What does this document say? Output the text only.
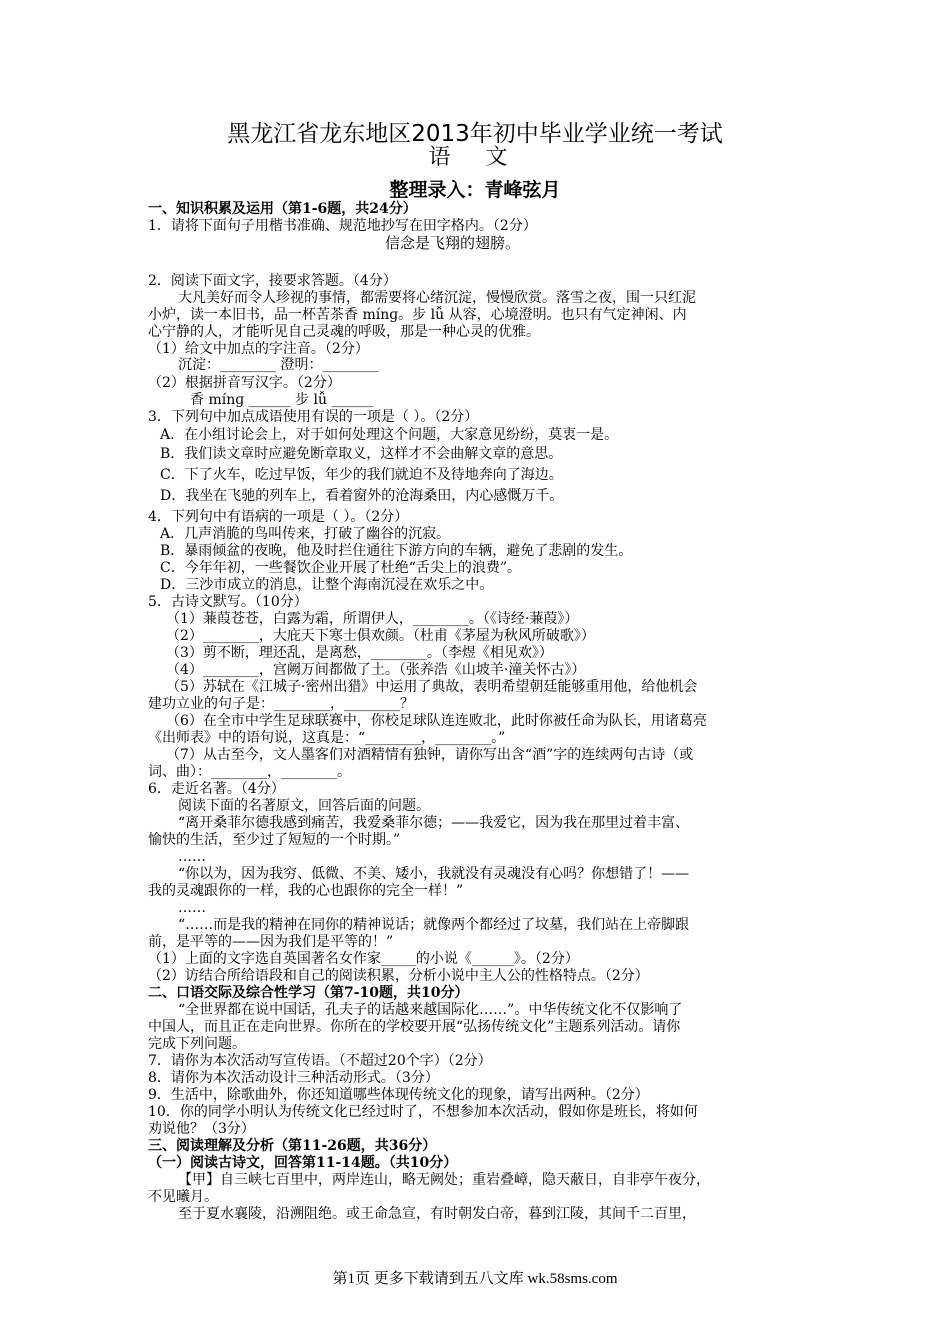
黑龙江省龙东地区2013年初中毕业学业统一考试
语 文
整理录入：青峰弦月
一、知识积累及运用（第1-6题，共24分）
1．请将下面句子用楷书准确、规范地抄写在田字格内。（2分）
信念是飞翔的翅膀。
2．阅读下面文字，接要求答题。（4分）
大凡美好而令人珍视的事情，都需要将心绪沉淀，慢慢欣赏。落雪之夜，围一只红泥
小炉，读一本旧书，品一杯苦茶香 mínɡ。步 lǚ 从容，心境澄明。也只有气定神闲、内
心宁静的人，才能听见自己灵魂的呼吸，那是一种心灵的优雅。
（1）给文中加点的字注音。（2分）
沉淀：________ 澄明：________
（2）根据拼音写汉字。（2分）
香 mínɡ ______ 步 lǚ ______
3．下列句中加点成语使用有误的一项是（ ）。（2分）
A．在小组讨论会上，对于如何处理这个问题，大家意见纷纷，莫衷一是。
B．我们读文章时应避免断章取义，这样才不会曲解文章的意思。
C．下了火车，吃过早饭，年少的我们就迫不及待地奔向了海边。
D．我坐在飞驰的列车上，看着窗外的沧海桑田，内心感慨万千。
4．下列句中有语病的一项是（ ）。（2分）
A．几声消脆的鸟叫传来，打破了幽谷的沉寂。
B．暴雨倾盆的夜晚，他及时拦住通往下游方向的车辆，避免了悲剧的发生。
C．今年年初，一些餐饮企业开展了杜绝“舌尖上的浪费”。
D．三沙市成立的消息，让整个海南沉浸在欢乐之中。
5．古诗文默写。（10分）
（1）蒹葭苍苍，白露为霜，所谓伊人，________。（《诗经·蒹葭》）
（2）________，大庇天下寒士俱欢颜。（杜甫《茅屋为秋风所破歌》）
（3）剪不断，理还乱，是离愁，________。（李煜《相见欢》）
（4）________，宫阙万间都做了土。（张养浩《山坡羊·潼关怀古》）
（5）苏轼在《江城子·密州出猎》中运用了典故，表明希望朝廷能够重用他，给他机会
建功立业的句子是：________，________？
（6）在全市中学生足球联赛中，你校足球队连连败北，此时你被任命为队长，用诸葛亮
《出师表》中的语句说，这真是：“________，________。”
（7）从古至今，文人墨客们对酒精情有独钟，请你写出含“酒”字的连续两句古诗（或
词、曲）：________，________。
6．走近名著。（4分）
阅读下面的名著原文，回答后面的问题。
“离开桑菲尔德我感到痛苦，我爱桑菲尔德；——我爱它，因为我在那里过着丰富、
愉快的生活，至少过了短短的一个时期。”
……
“你以为，因为我穷、低微、不美、矮小，我就没有灵魂没有心吗？你想错了！——
我的灵魂跟你的一样，我的心也跟你的完全一样！”
……
“……而是我的精神在同你的精神说话；就像两个都经过了坟墓，我们站在上帝脚跟
前，是平等的——因为我们是平等的！”
（1）上面的文字选自英国著名女作家_____的小说《______》。（2分）
（2）访结合所给语段和自己的阅读积累，分析小说中主人公的性格特点。（2分）
二、口语交际及综合性学习（第7-10题，共10分）
“全世界都在说中国话，孔夫子的话越来越国际化……”。中华传统文化不仅影响了
中国人，而且正在走向世界。你所在的学校要开展“弘扬传统文化”主题系列活动。请你
完成下列问题。
7．请你为本次活动写宣传语。（不超过20个字）（2分）
8．请你为本次活动设计三种活动形式。（3分）
9．生活中，除歌曲外，你还知道哪些体现传统文化的现象，请写出两种。（2分）
10．你的同学小明认为传统文化已经过时了，不想参加本次活动，假如你是班长，将如何
劝说他？（3分）
三、阅读理解及分析（第11-26题，共36分）
（一）阅读古诗文，回答第11-14题。（共10分）
【甲】自三峡七百里中，两岸连山，略无阙处；重岩叠嶂，隐天蔽日，自非亭午夜分，
不见曦月。
至于夏水襄陵，沿溯阻绝。或王命急宣，有时朝发白帝，暮到江陵，其间千二百里，
第1页 更多下载请到五八文库 wk.58sms.com
